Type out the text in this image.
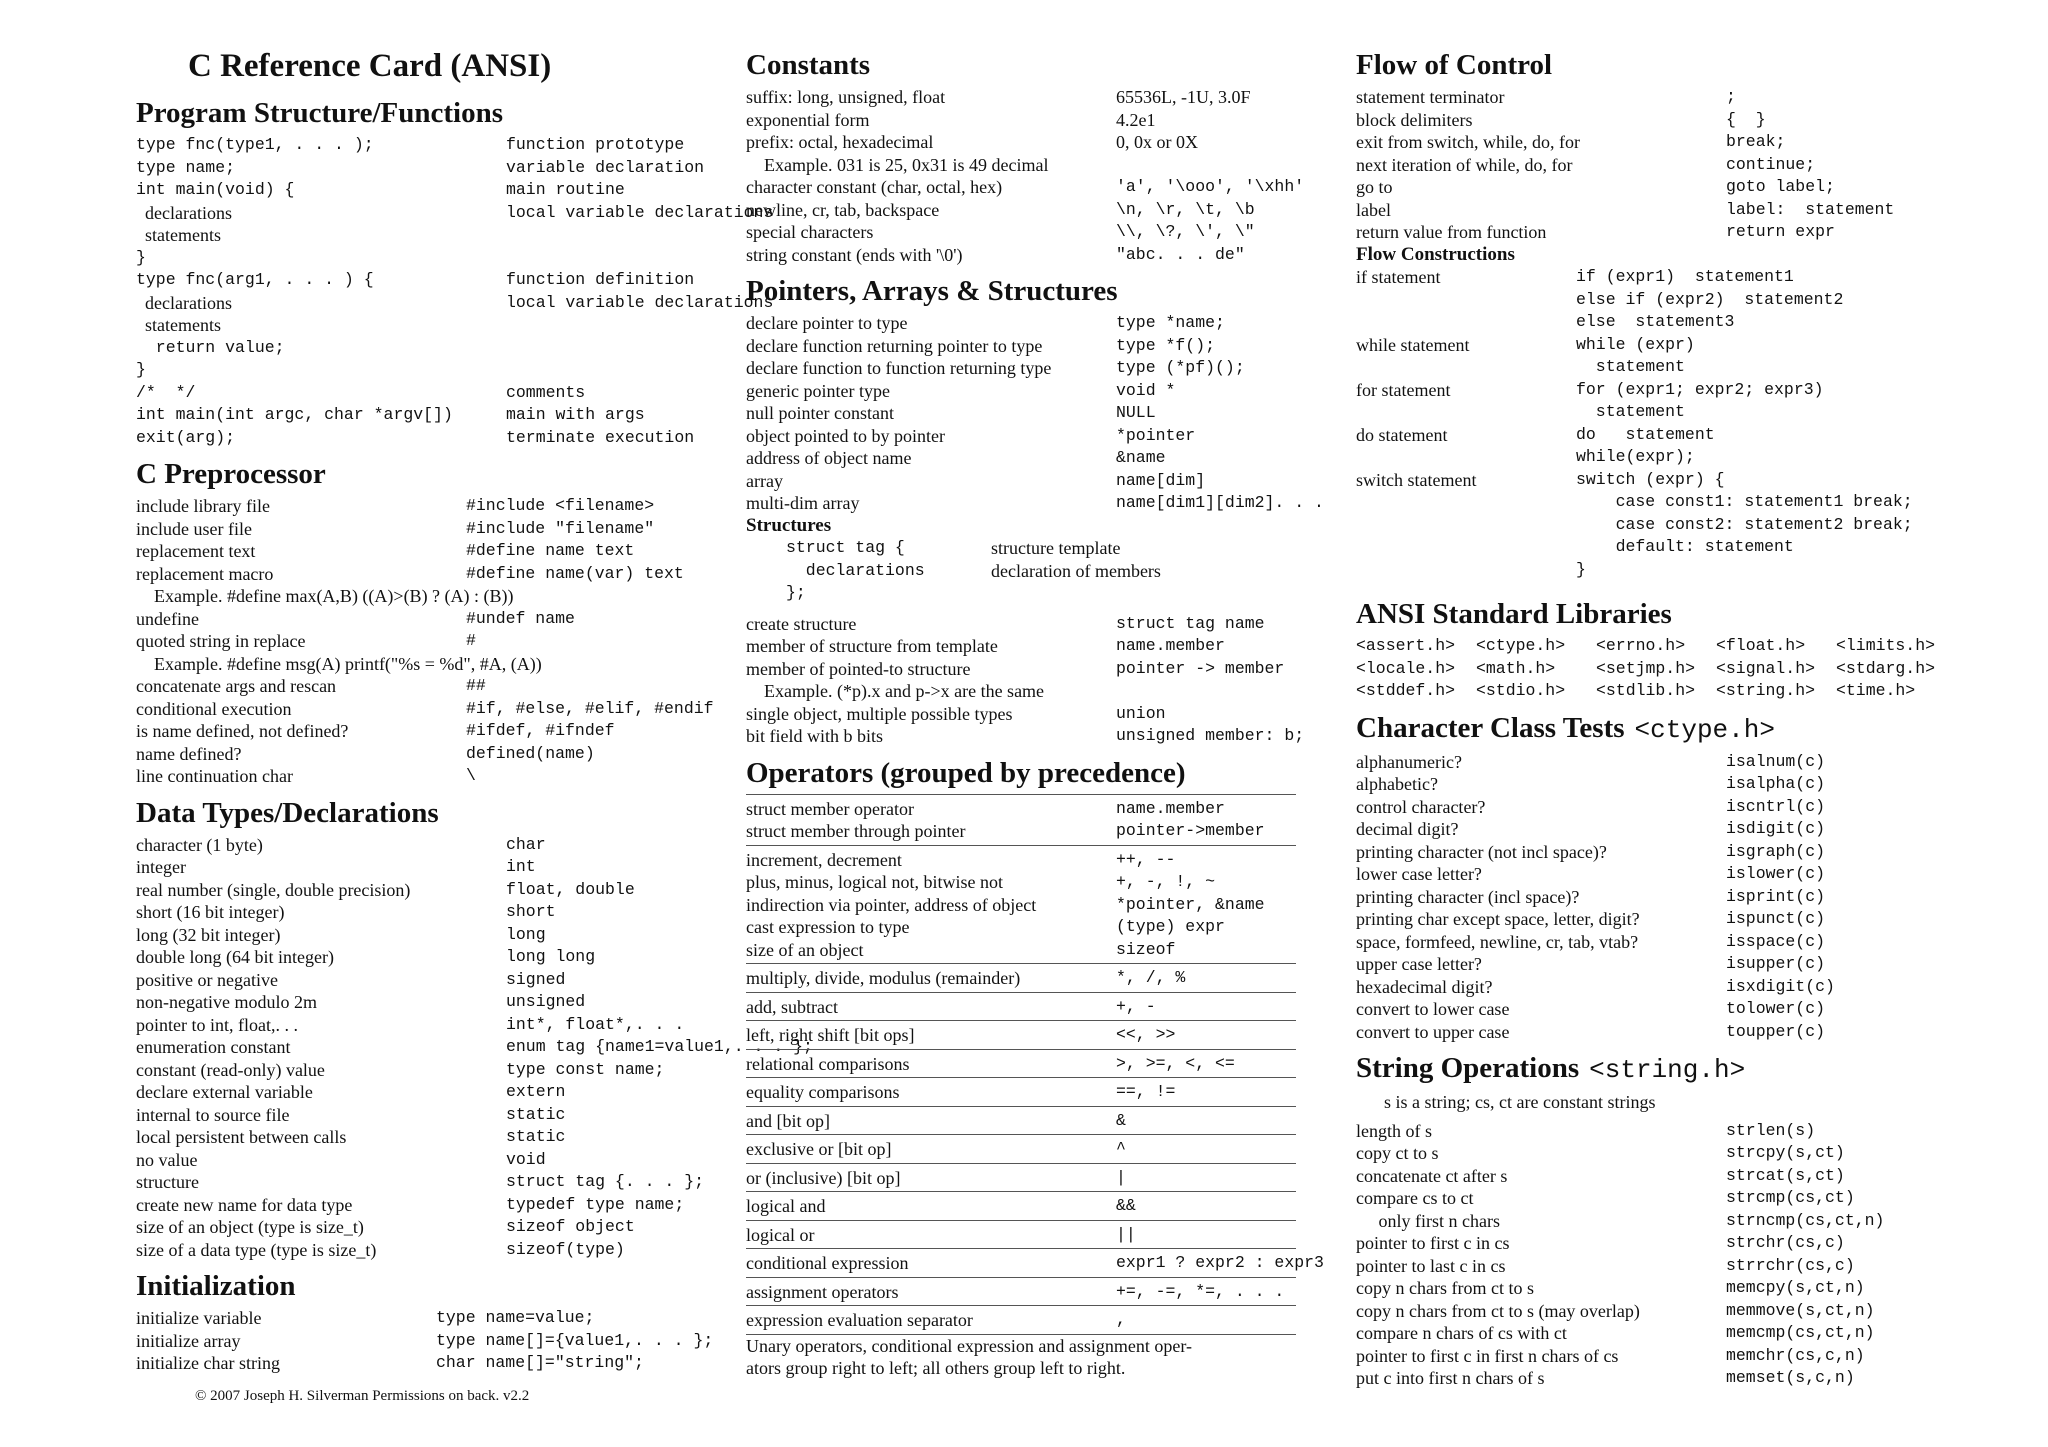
C Reference Card (ANSI)
Program Structure/Functions
type fnc(type1, . . . );	function prototype
type name;	variable declaration
int main(void) {	main routine
declarations	local variable declarations
statements
}
type fnc(arg1, . . . ) {	function definition
declarations	local variable declarations
statements
return value;
}
/*  */	comments
int main(int argc, char *argv[])	main with args
exit(arg);	terminate execution
C Preprocessor
include library file	#include <filename>
include user file	#include "filename"
replacement text	#define name text
replacement macro	#define name(var) text
Example. #define max(A,B) ((A)>(B) ? (A) : (B))
undefine	#undef name
quoted string in replace	#
Example. #define msg(A) printf("%s = %d", #A, (A))
concatenate args and rescan	##
conditional execution	#if, #else, #elif, #endif
is name defined, not defined?	#ifdef, #ifndef
name defined?	defined(name)
line continuation char	\
Data Types/Declarations
character (1 byte)	char
integer	int
real number (single, double precision)	float, double
short (16 bit integer)	short
long (32 bit integer)	long
double long (64 bit integer)	long long
positive or negative	signed
non-negative modulo 2m	unsigned
pointer to int, float,. . .	int*, float*,. . .
enumeration constant	enum tag {name1=value1,. . . };
constant (read-only) value	type const name;
declare external variable	extern
internal to source file	static
local persistent between calls	static
no value	void
structure	struct tag {. . . };
create new name for data type	typedef type name;
size of an object (type is size_t)	sizeof object
size of a data type (type is size_t)	sizeof(type)
Initialization
initialize variable	type name=value;
initialize array	type name[]={value1,. . . };
initialize char string	char name[]="string";
Constants
suffix: long, unsigned, float	65536L, -1U, 3.0F
exponential form	4.2e1
prefix: octal, hexadecimal	0, 0x or 0X
Example. 031 is 25, 0x31 is 49 decimal
character constant (char, octal, hex)	'a', '\ooo', '\xhh'
newline, cr, tab, backspace	\n, \r, \t, \b
special characters	\\, \?, \', \"
string constant (ends with '\0')	"abc. . . de"
Pointers, Arrays & Structures
declare pointer to type	type *name;
declare function returning pointer to type	type *f();
declare function to function returning type	type (*pf)();
generic pointer type	void *
null pointer constant	NULL
object pointed to by pointer	*pointer
address of object name	&name
array	name[dim]
multi-dim array	name[dim1][dim2]. . .
Structures
struct tag {	structure template
declarations	declaration of members
};
create structure	struct tag name
member of structure from template	name.member
member of pointed-to structure	pointer -> member
Example. (*p).x and p->x are the same
single object, multiple possible types	union
bit field with b bits	unsigned member: b;
Operators (grouped by precedence)
struct member operator	name.member
struct member through pointer	pointer->member
increment, decrement	++, --
plus, minus, logical not, bitwise not	+, -, !, ~
indirection via pointer, address of object	*pointer, &name
cast expression to type	(type) expr
size of an object	sizeof
multiply, divide, modulus (remainder)	*, /, %
add, subtract	+, -
left, right shift [bit ops]	<<, >>
relational comparisons	>, >=, <, <=
equality comparisons	==, !=
and [bit op]	&
exclusive or [bit op]	^
or (inclusive) [bit op]	|
logical and	&&
logical or	||
conditional expression	expr1 ? expr2 : expr3
assignment operators	+=, -=, *=, . . .
expression evaluation separator	,
Unary operators, conditional expression and assignment oper-
ators group right to left; all others group left to right.
Flow of Control
statement terminator	;
block delimiters	{  }
exit from switch, while, do, for	break;
next iteration of while, do, for	continue;
go to	goto label;
label	label:  statement
return value from function	return expr
Flow Constructions
if statement	if (expr1)  statement1
else if (expr2)  statement2
else  statement3
while statement	while (expr)
statement
for statement	for (expr1; expr2; expr3)
statement
do statement	do   statement
while(expr);
switch statement	switch (expr) {
case const1: statement1 break;
case const2: statement2 break;
default: statement
}
ANSI Standard Libraries
<assert.h>	<ctype.h>	<errno.h>	<float.h>	<limits.h>
<locale.h>	<math.h>	<setjmp.h>	<signal.h>	<stdarg.h>
<stddef.h>	<stdio.h>	<stdlib.h>	<string.h>	<time.h>
Character Class Tests <ctype.h>
alphanumeric?	isalnum(c)
alphabetic?	isalpha(c)
control character?	iscntrl(c)
decimal digit?	isdigit(c)
printing character (not incl space)?	isgraph(c)
lower case letter?	islower(c)
printing character (incl space)?	isprint(c)
printing char except space, letter, digit?	ispunct(c)
space, formfeed, newline, cr, tab, vtab?	isspace(c)
upper case letter?	isupper(c)
hexadecimal digit?	isxdigit(c)
convert to lower case	tolower(c)
convert to upper case	toupper(c)
String Operations <string.h>
s is a string; cs, ct are constant strings
length of s	strlen(s)
copy ct to s	strcpy(s,ct)
concatenate ct after s	strcat(s,ct)
compare cs to ct	strcmp(cs,ct)
only first n chars	strncmp(cs,ct,n)
pointer to first c in cs	strchr(cs,c)
pointer to last c in cs	strrchr(cs,c)
copy n chars from ct to s	memcpy(s,ct,n)
copy n chars from ct to s (may overlap)	memmove(s,ct,n)
compare n chars of cs with ct	memcmp(cs,ct,n)
pointer to first c in first n chars of cs	memchr(cs,c,n)
put c into first n chars of s	memset(s,c,n)
© 2007 Joseph H. Silverman Permissions on back. v2.2
